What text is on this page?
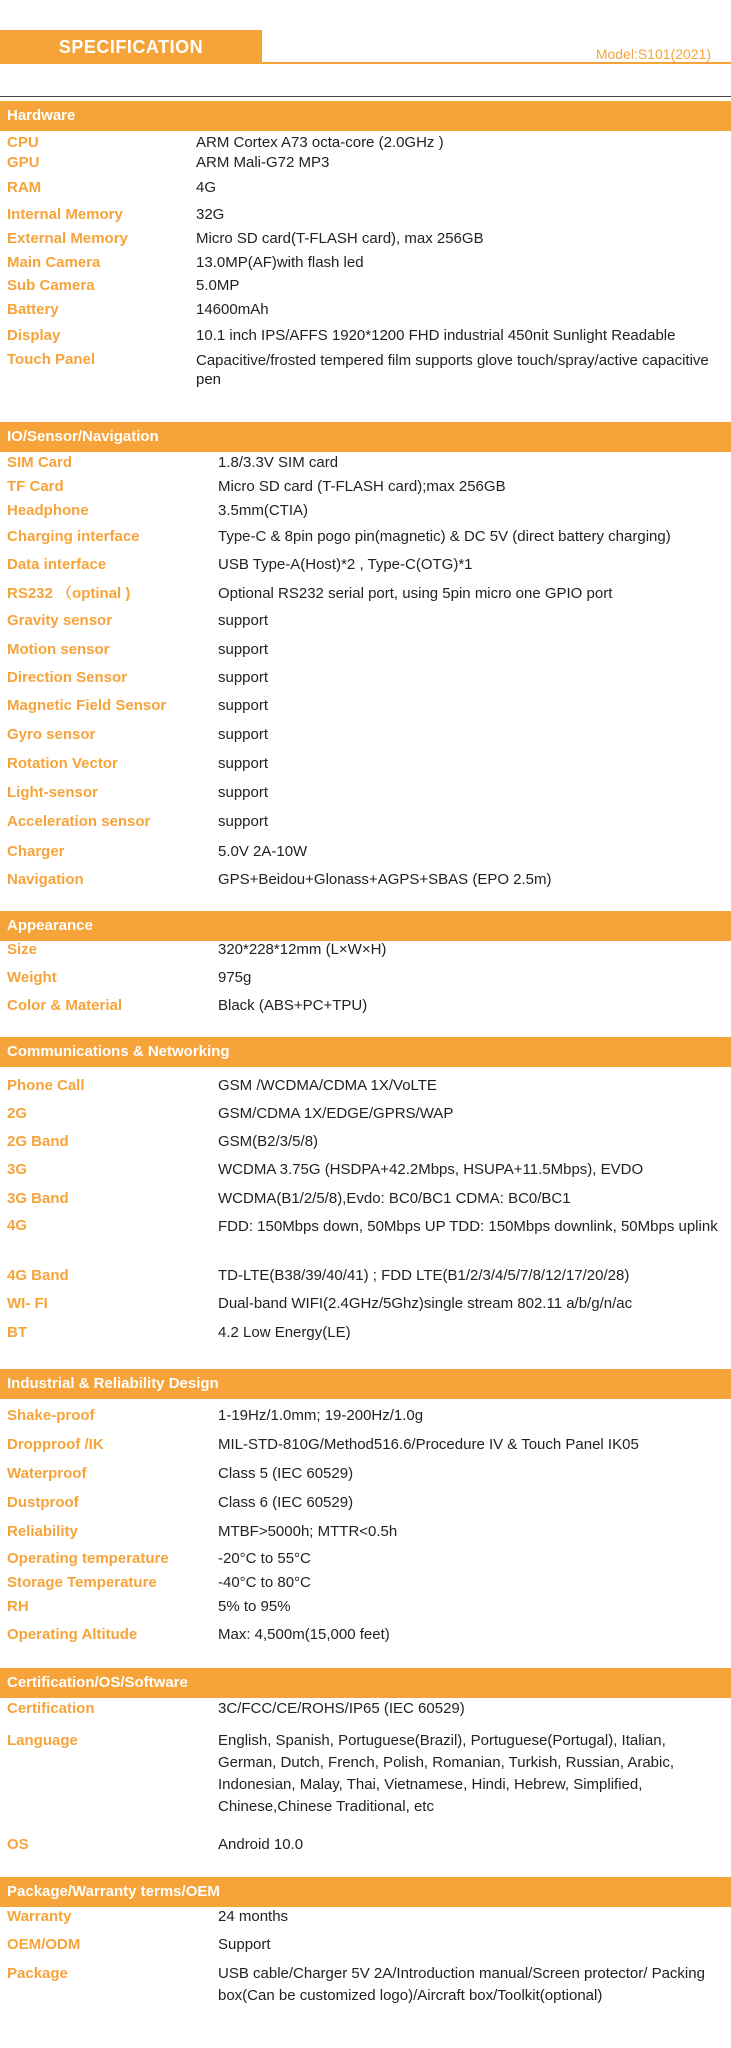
SPECIFICATION	Model:S101(2021)
Hardware
CPU	ARM Cortex A73 octa-core (2.0GHz )
GPU	ARM Mali-G72 MP3
RAM	4G
Internal Memory	32G
External Memory	Micro SD card(T-FLASH card), max 256GB
Main Camera	13.0MP(AF)with flash led
Sub Camera	5.0MP
Battery	14600mAh
Display	10.1 inch IPS/AFFS 1920*1200 FHD industrial 450nit Sunlight Readable
Touch Panel	Capacitive/frosted tempered film supports glove touch/spray/active capacitive pen
IO/Sensor/Navigation
SIM Card	1.8/3.3V SIM card
TF Card	Micro SD card (T-FLASH card);max 256GB
Headphone	3.5mm(CTIA)
Charging interface	Type-C & 8pin pogo pin(magnetic) & DC 5V (direct battery charging)
Data interface	USB Type-A(Host)*2 , Type-C(OTG)*1
RS232 （optinal )	Optional RS232 serial port, using 5pin micro one GPIO port
Gravity sensor	support
Motion sensor	support
Direction Sensor	support
Magnetic Field Sensor	support
Gyro sensor	support
Rotation Vector	support
Light-sensor	support
Acceleration sensor	support
Charger	5.0V 2A-10W
Navigation	GPS+Beidou+Glonass+AGPS+SBAS (EPO 2.5m)
Appearance
Size	320*228*12mm (L×W×H)
Weight	975g
Color & Material	Black (ABS+PC+TPU)
Communications & Networking
Phone Call	GSM /WCDMA/CDMA 1X/VoLTE
2G	GSM/CDMA 1X/EDGE/GPRS/WAP
2G Band	GSM(B2/3/5/8)
3G	WCDMA 3.75G (HSDPA+42.2Mbps, HSUPA+11.5Mbps), EVDO
3G Band	WCDMA(B1/2/5/8),Evdo: BC0/BC1 CDMA: BC0/BC1
4G	FDD: 150Mbps down, 50Mbps UP TDD: 150Mbps downlink, 50Mbps uplink
4G Band	TD-LTE(B38/39/40/41) ; FDD LTE(B1/2/3/4/5/7/8/12/17/20/28)
WI- FI	Dual-band WIFI(2.4GHz/5Ghz)single stream 802.11 a/b/g/n/ac
BT	4.2 Low Energy(LE)
Industrial & Reliability Design
Shake-proof	1-19Hz/1.0mm; 19-200Hz/1.0g
Dropproof /IK	MIL-STD-810G/Method516.6/Procedure IV & Touch Panel IK05
Waterproof	Class 5 (IEC 60529)
Dustproof	Class 6 (IEC 60529)
Reliability	MTBF>5000h; MTTR<0.5h
Operating temperature	-20°C to 55°C
Storage Temperature	-40°C to 80°C
RH	5% to 95%
Operating Altitude	Max: 4,500m(15,000 feet)
Certification/OS/Software
Certification	3C/FCC/CE/ROHS/IP65 (IEC 60529)
Language	English, Spanish, Portuguese(Brazil), Portuguese(Portugal), Italian, German, Dutch, French, Polish, Romanian, Turkish, Russian, Arabic, Indonesian, Malay, Thai, Vietnamese, Hindi, Hebrew, Simplified, Chinese,Chinese Traditional, etc
OS	Android 10.0
Package/Warranty terms/OEM
Warranty	24 months
OEM/ODM	Support
Package	USB cable/Charger 5V 2A/Introduction manual/Screen protector/ Packing box(Can be customized logo)/Aircraft box/Toolkit(optional)
